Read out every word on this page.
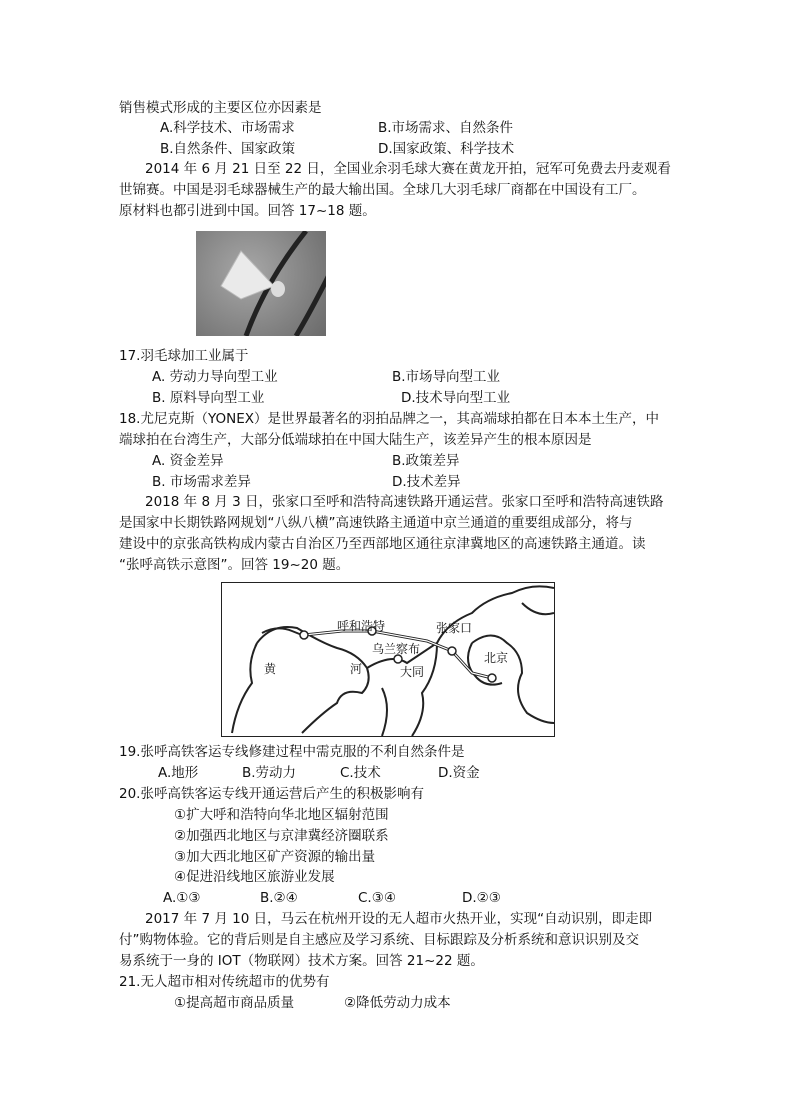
销售模式形成的主要区位亦因素是
A.科学技术、市场需求	B.市场需求、自然条件
B.自然条件、国家政策	D.国家政策、科学技术
2014 年 6 月 21 日至 22 日，全国业余羽毛球大赛在黄龙开拍，冠军可免费去丹麦观看
世锦赛。中国是羽毛球器械生产的最大输出国。全球几大羽毛球厂商都在中国设有工厂。
原材料也都引进到中国。回答 17~18 题。
17.羽毛球加工业属于
A. 劳动力导向型工业	B.市场导向型工业
B. 原料导向型工业	D.技术导向型工业
18.尤尼克斯（YONEX）是世界最著名的羽拍品牌之一，其高端球拍都在日本本土生产，中
端球拍在台湾生产，大部分低端球拍在中国大陆生产，该差异产生的根本原因是
A. 资金差异	B.政策差异
B. 市场需求差异	D.技术差异
2018 年 8 月 3 日，张家口至呼和浩特高速铁路开通运营。张家口至呼和浩特高速铁路
是国家中长期铁路网规划“八纵八横”高速铁路主通道中京兰通道的重要组成部分，将与
建设中的京张高铁构成内蒙古自治区乃至西部地区通往京津冀地区的高速铁路主通道。读
“张呼高铁示意图”。回答 19~20 题。
呼和浩特
乌兰察布
张家口
北京
大同
黄	河
19.张呼高铁客运专线修建过程中需克服的不利自然条件是
A.地形	B.劳动力	C.技术	D.资金
20.张呼高铁客运专线开通运营后产生的积极影响有
①扩大呼和浩特向华北地区辐射范围
②加强西北地区与京津冀经济圈联系
③加大西北地区矿产资源的输出量
④促进沿线地区旅游业发展
A.①③	B.②④	C.③④	D.②③
2017 年 7 月 10 日，马云在杭州开设的无人超市火热开业，实现“自动识别，即走即
付”购物体验。它的背后则是自主感应及学习系统、目标跟踪及分析系统和意识识别及交
易系统于一身的 IOT（物联网）技术方案。回答 21~22 题。
21.无人超市相对传统超市的优势有
①提高超市商品质量	②降低劳动力成本
